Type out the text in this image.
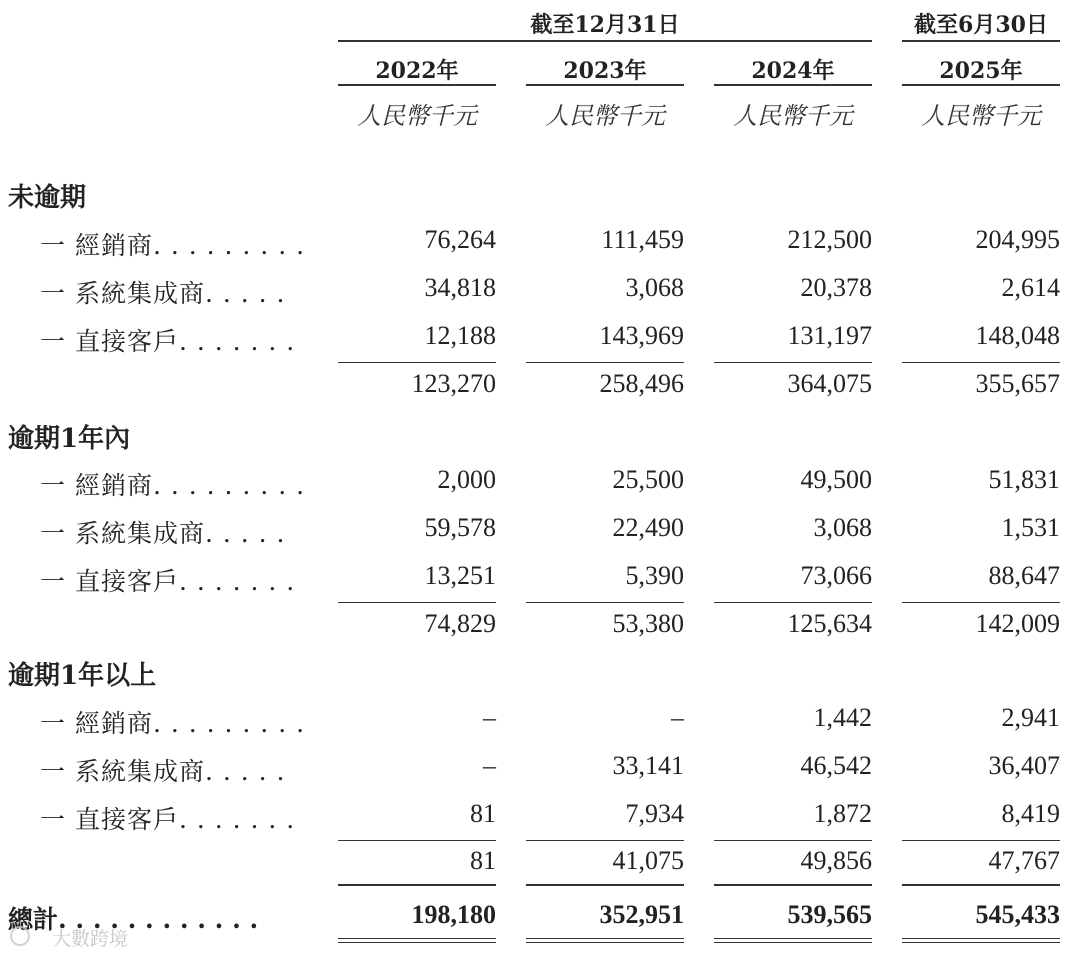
截至12月31日	截至6月30日
2022年	2023年	2024年	2025年
人民幣千元	人民幣千元	人民幣千元	人民幣千元
未逾期
一 經銷商. . . . . . . . .	76,264	111,459	212,500	204,995
一 系統集成商. . . . .	34,818	3,068	20,378	2,614
一 直接客戶. . . . . . .	12,188	143,969	131,197	148,048
123,270	258,496	364,075	355,657
逾期1年內
一 經銷商. . . . . . . . .	2,000	25,500	49,500	51,831
一 系統集成商. . . . .	59,578	22,490	3,068	1,531
一 直接客戶. . . . . . .	13,251	5,390	73,066	88,647
74,829	53,380	125,634	142,009
逾期1年以上
一 經銷商. . . . . . . . .	–	–	1,442	2,941
一 系統集成商. . . . .	–	33,141	46,542	36,407
一 直接客戶. . . . . . .	81	7,934	1,872	8,419
81	41,075	49,856	47,767
總計. . . . . . . . . . . .	198,180	352,951	539,565	545,433
大數跨境
